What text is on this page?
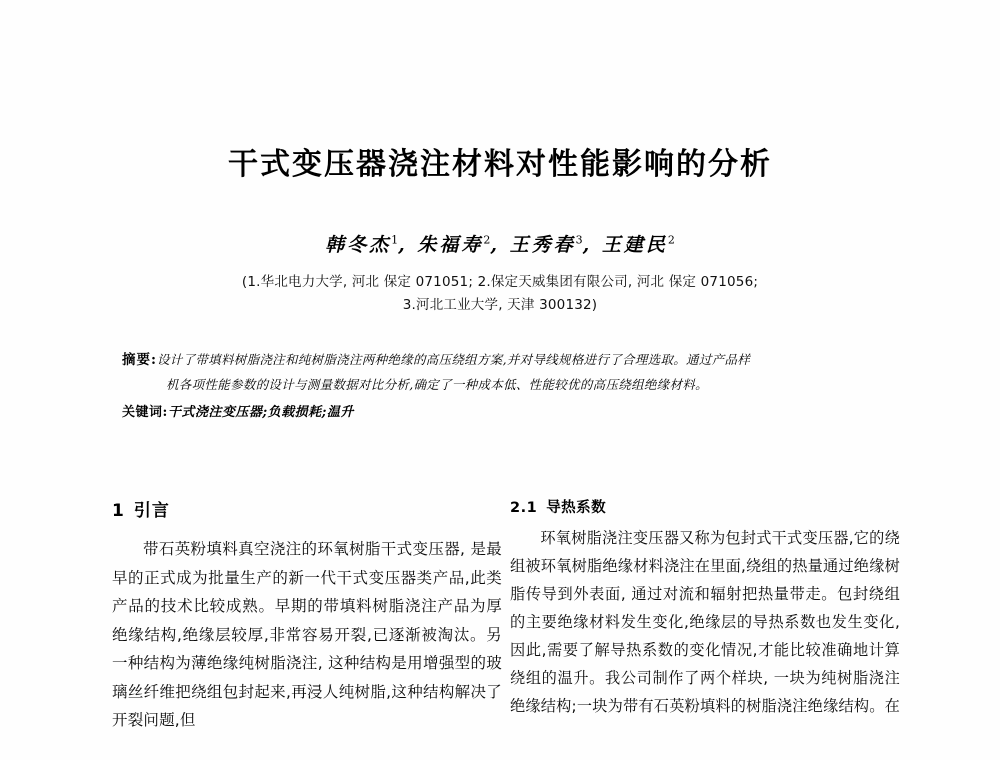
干式变压器浇注材料对性能影响的分析
韩冬杰$^1$, 朱福寿$^2$, 王秀春$^3$, 王建民$^2$
(1.华北电力大学, 河北 保定 071051; 2.保定天威集团有限公司, 河北 保定 071056;
3.河北工业大学, 天津 300132)
摘要:设计了带填料树脂浇注和纯树脂浇注两种绝缘的高压绕组方案,并对导线规格进行了合理选取。通过产品样
机各项性能参数的设计与测量数据对比分析,确定了一种成本低、性能较优的高压绕组绝缘材料。
关键词:干式浇注变压器;负载损耗;温升
1 引言

带石英粉填料真空浇注的环氧树脂干式变压器, 是最早的正式成为批量生产的新一代干式变压器类产品,此类产品的技术比较成熟。早期的带填料树脂浇注产品为厚绝缘结构,绝缘层较厚,非常容易开裂,已逐渐被淘汰。另一种结构为薄绝缘纯树脂浇注, 这种结构是用增强型的玻璃丝纤维把绕组包封起来,再浸人纯树脂,这种结构解决了开裂问题,但

2.1 导热系数

环氧树脂浇注变压器又称为包封式干式变压器,它的绕组被环氧树脂绝缘材料浇注在里面,绕组的热量通过绝缘树脂传导到外表面, 通过对流和辐射把热量带走。包封绕组的主要绝缘材料发生变化,绝缘层的导热系数也发生变化,因此,需要了解导热系数的变化情况,才能比较准确地计算绕组的温升。我公司制作了两个样块, 一块为纯树脂浇注绝缘结构;一块为带有石英粉填料的树脂浇注绝缘结构。在
